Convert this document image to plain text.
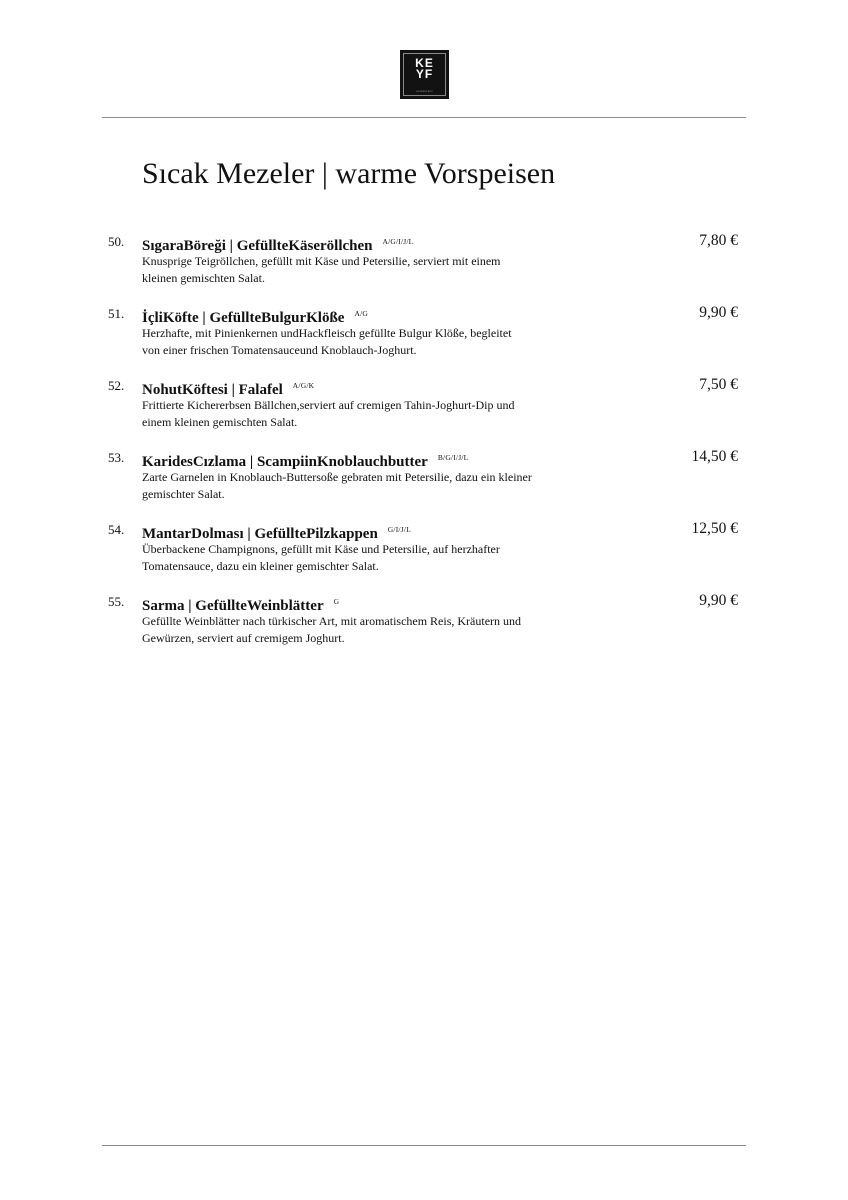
KE
YF
restaurant
Sıcak Mezeler | warme Vorspeisen
50. SıgaraBöreği | GefüllteKäseröllchen $^{A/G/I/J/L}$
Knusprige Teigröllchen, gefüllt mit Käse und Petersilie, serviert mit einem
kleinen gemischten Salat.
7,80 €
51. İçliKöfte | GefüllteBulgurKlöße $^{A/G}$
Herzhafte, mit Pinienkernen undHackfleisch gefüllte Bulgur Klöße, begleitet
von einer frischen Tomatensauceund Knoblauch-Joghurt.
9,90 €
52. NohutKöftesi | Falafel $^{A/G/K}$
Frittierte Kichererbsen Bällchen,serviert auf cremigen Tahin-Joghurt-Dip und
einem kleinen gemischten Salat.
7,50 €
53. KaridesCızlama | ScampiinKnoblauchbutter $^{B/G/I/J/L}$
Zarte Garnelen in Knoblauch-Buttersoße gebraten mit Petersilie, dazu ein kleiner
gemischter Salat.
14,50 €
54. MantarDolması | GefülltePilzkappen $^{G/I/J/L}$
Überbackene Champignons, gefüllt mit Käse und Petersilie, auf herzhafter
Tomatensauce, dazu ein kleiner gemischter Salat.
12,50 €
55. Sarma | GefüllteWeinblätter $^G$
Gefüllte Weinblätter nach türkischer Art, mit aromatischem Reis, Kräutern und
Gewürzen, serviert auf cremigem Joghurt.
9,90 €
